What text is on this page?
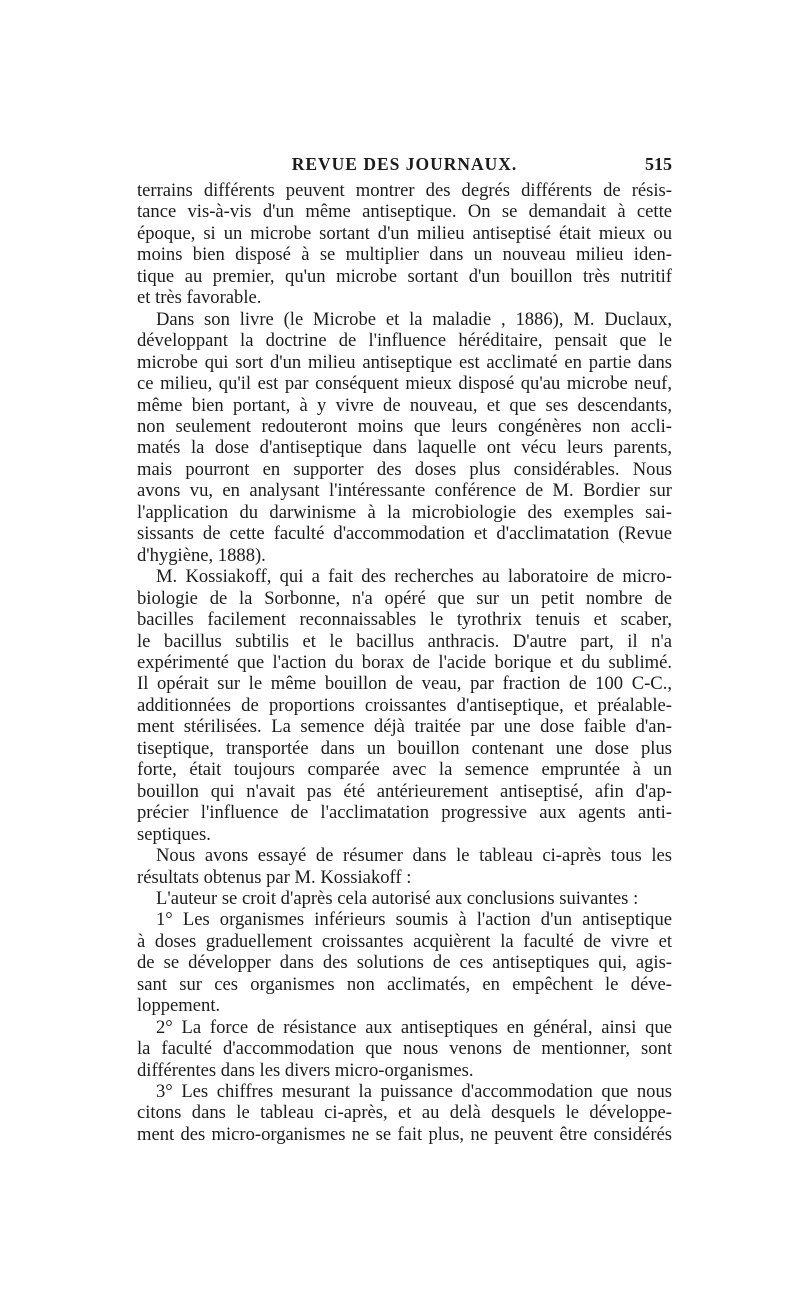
REVUE DES JOURNAUX.	515

terrains différents peuvent montrer des degrés différents de résis-

tance vis-à-vis d'un même antiseptique. On se demandait à cette

époque, si un microbe sortant d'un milieu antiseptisé était mieux ou

moins bien disposé à se multiplier dans un nouveau milieu iden-

tique au premier, qu'un microbe sortant d'un bouillon très nutritif

et très favorable.

Dans son livre (le Microbe et la maladie , 1886), M. Duclaux,

développant la doctrine de l'influence héréditaire, pensait que le

microbe qui sort d'un milieu antiseptique est acclimaté en partie dans

ce milieu, qu'il est par conséquent mieux disposé qu'au microbe neuf,

même bien portant, à y vivre de nouveau, et que ses descendants,

non seulement redouteront moins que leurs congénères non accli-

matés la dose d'antiseptique dans laquelle ont vécu leurs parents,

mais pourront en supporter des doses plus considérables. Nous

avons vu, en analysant l'intéressante conférence de M. Bordier sur

l'application du darwinisme à la microbiologie des exemples sai-

sissants de cette faculté d'accommodation et d'acclimatation (Revue

d'hygiène, 1888).

M. Kossiakoff, qui a fait des recherches au laboratoire de micro-

biologie de la Sorbonne, n'a opéré que sur un petit nombre de

bacilles facilement reconnaissables le tyrothrix tenuis et scaber,

le bacillus subtilis et le bacillus anthracis. D'autre part, il n'a

expérimenté que l'action du borax de l'acide borique et du sublimé.

Il opérait sur le même bouillon de veau, par fraction de 100 C-C.,

additionnées de proportions croissantes d'antiseptique, et préalable-

ment stérilisées. La semence déjà traitée par une dose faible d'an-

tiseptique, transportée dans un bouillon contenant une dose plus

forte, était toujours comparée avec la semence empruntée à un

bouillon qui n'avait pas été antérieurement antiseptisé, afin d'ap-

précier l'influence de l'acclimatation progressive aux agents anti-

septiques.

Nous avons essayé de résumer dans le tableau ci-après tous les

résultats obtenus par M. Kossiakoff :

L'auteur se croit d'après cela autorisé aux conclusions suivantes :

1° Les organismes inférieurs soumis à l'action d'un antiseptique

à doses graduellement croissantes acquièrent la faculté de vivre et

de se développer dans des solutions de ces antiseptiques qui, agis-

sant sur ces organismes non acclimatés, en empêchent le déve-

loppement.

2° La force de résistance aux antiseptiques en général, ainsi que

la faculté d'accommodation que nous venons de mentionner, sont

différentes dans les divers micro-organismes.

3° Les chiffres mesurant la puissance d'accommodation que nous

citons dans le tableau ci-après, et au delà desquels le développe-

ment des micro-organismes ne se fait plus, ne peuvent être considérés
